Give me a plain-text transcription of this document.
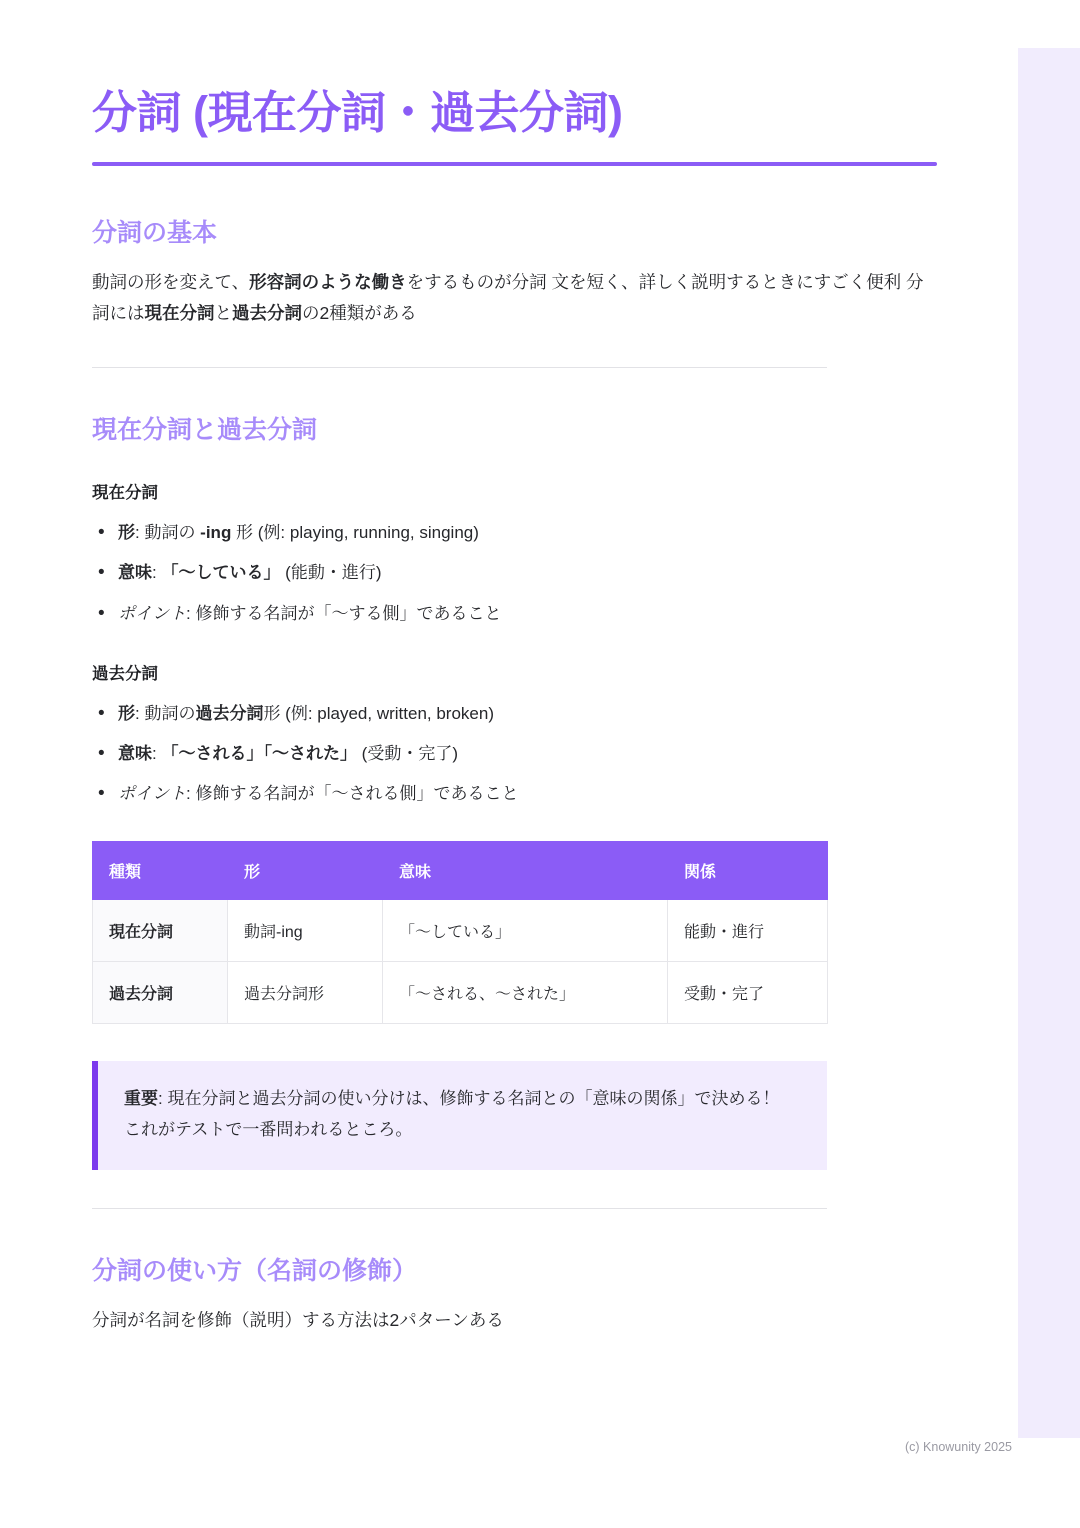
分詞 (現在分詞・過去分詞)
分詞の基本

動詞の形を変えて、形容詞のような働きをするものが分詞 文を短く、詳しく説明するときにすごく便利 分詞には現在分詞と過去分詞の2種類がある

現在分詞と過去分詞
現在分詞
• 形: 動詞の -ing 形 (例: playing, running, singing)
• 意味: 「〜している」 (能動・進行)
• ポイント: 修飾する名詞が「〜する側」であること
過去分詞
• 形: 動詞の過去分詞形 (例: played, written, broken)
• 意味: 「〜される」「〜された」 (受動・完了)
• ポイント: 修飾する名詞が「〜される側」であること
種類	形	意味	関係
現在分詞	動詞-ing	「〜している」	能動・進行
過去分詞	過去分詞形	「〜される、〜された」	受動・完了

重要: 現在分詞と過去分詞の使い分けは、修飾する名詞との「意味の関係」で決める！ これがテストで一番問われるところ。

分詞の使い方（名詞の修飾）

分詞が名詞を修飾（説明）する方法は2パターンある

(c) Knowunity 2025
